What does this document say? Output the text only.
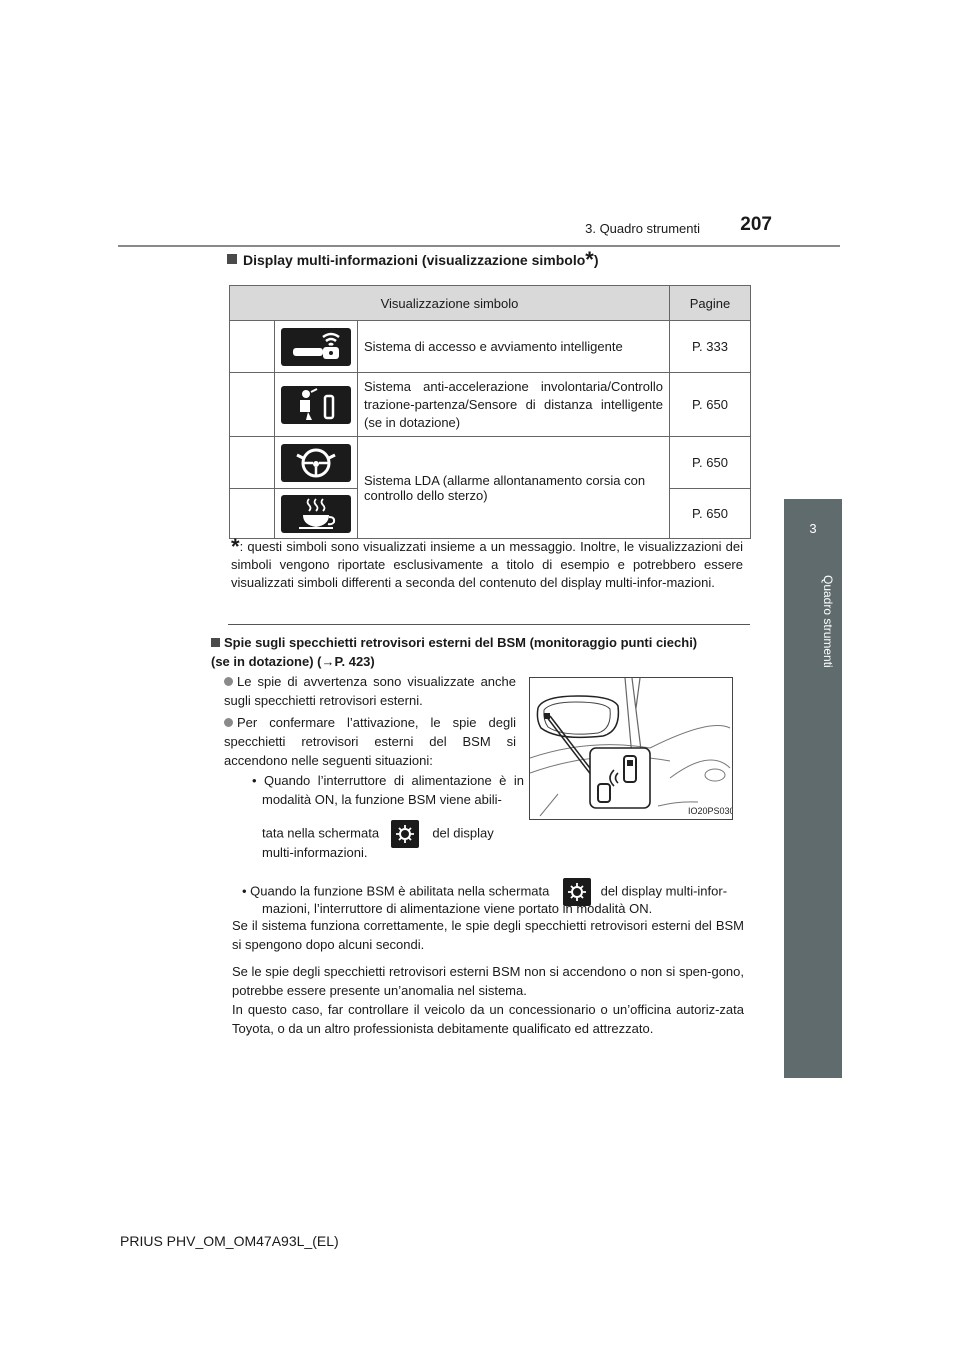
3. Quadro strumenti	207
3
Quadro strumenti
Display multi-informazioni (visualizzazione simbolo*)
Visualizzazione simbolo			Pagine

	Sistema di accesso e avviamento intelligente	P. 333

	Sistema anti-accelerazione involontaria/Controllo trazione-partenza/Sensore di distanza intelligente (se in dotazione)	P. 650

	Sistema LDA (allarme allontanamento corsia con controllo dello sterzo)	P. 650

	P. 650
*: questi simboli sono visualizzati insieme a un messaggio. Inoltre, le visualizzazioni dei simboli vengono riportate esclusivamente a titolo di esempio e potrebbero essere visualizzati simboli differenti a seconda del contenuto del display multi-infor-mazioni.
Spie sugli specchietti retrovisori esterni del BSM (monitoraggio punti ciechi)
(se in dotazione) (→P. 423)
Le spie di avvertenza sono visualizzate anche sugli specchietti retrovisori esterni.
Per confermare l’attivazione, le spie degli specchietti retrovisori esterni del BSM si accendono nelle seguenti situazioni:
• Quando l’interruttore di alimentazione è in modalità ON, la funzione BSM viene abili-
tata nella schermata	del display
multi-informazioni.
IO20PS030
• Quando la funzione BSM è abilitata nella schermata	del display multi-infor-
mazioni, l’interruttore di alimentazione viene portato in modalità ON.
Se il sistema funziona correttamente, le spie degli specchietti retrovisori esterni del BSM si spengono dopo alcuni secondi.
Se le spie degli specchietti retrovisori esterni BSM non si accendono o non si spen-gono, potrebbe essere presente un’anomalia nel sistema.
In questo caso, far controllare il veicolo da un concessionario o un’officina autoriz-zata Toyota, o da un altro professionista debitamente qualificato ed attrezzato.
PRIUS PHV_OM_OM47A93L_(EL)
